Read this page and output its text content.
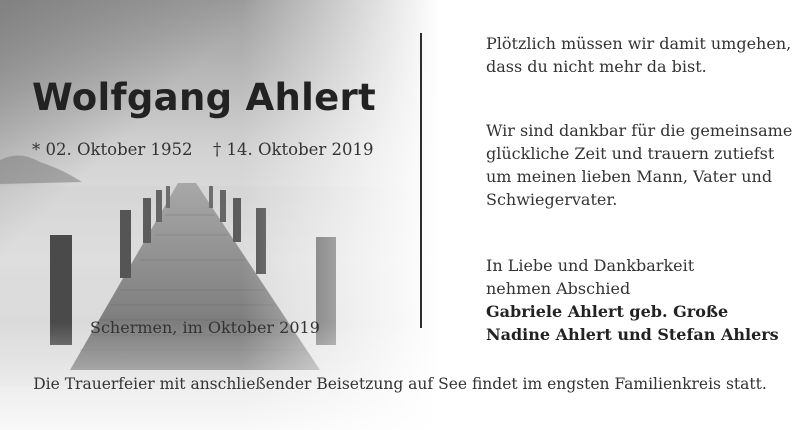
Wolfgang Ahlert
* 02. Oktober 1952 † 14. Oktober 2019
Schermen, im Oktober 2019
Plötzlich müssen wir damit umgehen,
dass du nicht mehr da bist.
Wir sind dankbar für die gemeinsame
glückliche Zeit und trauern zutiefst
um meinen lieben Mann, Vater und
Schwiegervater.
In Liebe und Dankbarkeit
nehmen Abschied
Gabriele Ahlert geb. Große
Nadine Ahlert und Stefan Ahlers
Die Trauerfeier mit anschließender Beisetzung auf See findet im engsten Familienkreis statt.
